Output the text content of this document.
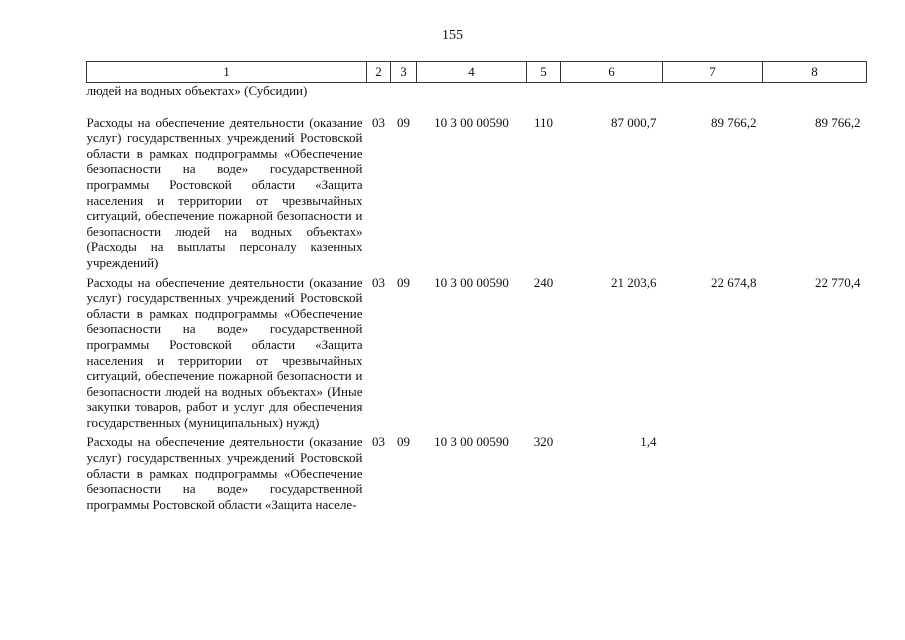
155
1	2	3	4	5	6	7	8
людей на водных объектах» (Субсидии)							
Расходы на обеспечение деятельности (оказание услуг) государственных учреждений Ростовской области в рамках подпрограммы «Обеспечение безопасности на воде» государственной программы Ростовской области «Защита населения и территории от чрезвычайных ситуаций, обеспечение пожарной безопасности и безопасности людей на водных объектах» (Расходы на выплаты персоналу казенных учреждений)	03	09	10 3 00 00590	110	87 000,7	89 766,2	89 766,2
Расходы на обеспечение деятельности (оказание услуг) государственных учреждений Ростовской области в рамках подпрограммы «Обеспечение безопасности на воде» государственной программы Ростовской области «Защита населения и территории от чрезвычайных ситуаций, обеспечение пожарной безопасности и безопасности людей на водных объектах» (Иные закупки товаров, работ и услуг для обеспечения государственных (муниципальных) нужд)	03	09	10 3 00 00590	240	21 203,6	22 674,8	22 770,4
Расходы на обеспечение деятельности (оказание услуг) государственных учреждений Ростовской области в рамках подпрограммы «Обеспечение безопасности на воде» государственной программы Ростовской области «Защита населе-	03	09	10 3 00 00590	320	1,4		
